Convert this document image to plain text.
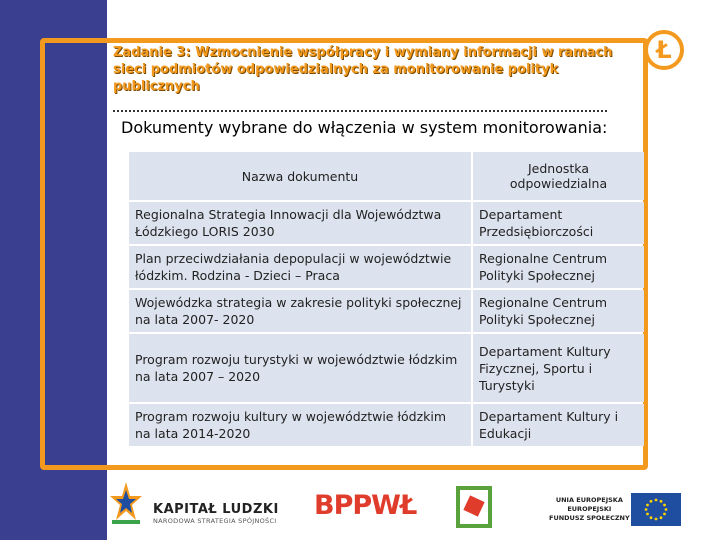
Ł
Zadanie 3: Wzmocnienie współpracy i wymiany informacji w ramach sieci podmiotów odpowiedzialnych za monitorowanie polityk publicznych
Dokumenty wybrane do włączenia w system monitorowania:
Nazwa dokumentu	Jednostka odpowiedzialna
Regionalna Strategia Innowacji dla Województwa Łódzkiego LORIS 2030	Departament Przedsiębiorczości
Plan przeciwdziałania depopulacji w województwie łódzkim. Rodzina - Dzieci – Praca	Regionalne Centrum Polityki Społecznej
Wojewódzka strategia w zakresie polityki społecznej na lata 2007- 2020	Regionalne Centrum Polityki Społecznej
Program rozwoju turystyki w województwie łódzkim na lata 2007 – 2020	Departament Kultury Fizycznej, Sportu i Turystyki
Program rozwoju kultury w województwie łódzkim na lata 2014-2020	Departament Kultury i Edukacji
KAPITAŁ LUDZKI
NARODOWA STRATEGIA SPÓJNOŚCI BPPWŁ	UNIA EUROPEJSKA
EUROPEJSKI
FUNDUSZ SPOŁECZNY
